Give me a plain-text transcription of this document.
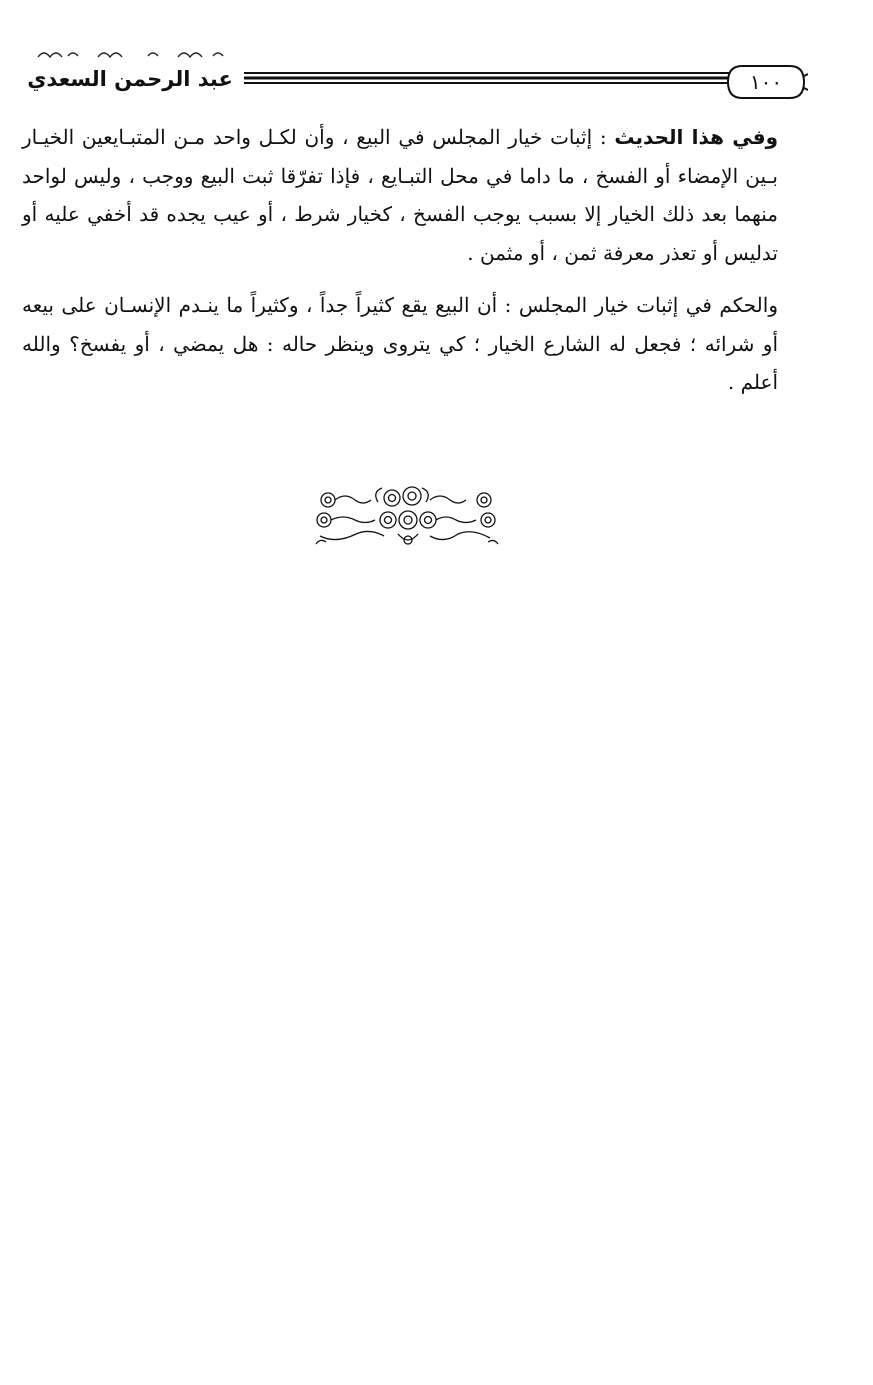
عبد الرحمن السعدي	١٠٠

وفي هذا الحديث : إثبات خيار المجلس في البيع ، وأن لكـل واحد مـن المتبـايعين الخيـار بـين الإمضاء أو الفسخ ، ما داما في محل التبـايع ، فإذا تفرّقا ثبت البيع ووجب ، وليس لواحد منهما بعد ذلك الخيار إلا بسبب يوجب الفسخ ، كخيار شرط ، أو عيب يجده قد أخفي عليه أو تدليس أو تعذر معرفة ثمن ، أو مثمن .

والحكم في إثبات خيار المجلس : أن البيع يقع كثيراً جداً ، وكثيراً ما ينـدم الإنسـان على بيعه أو شرائه ؛ فجعل له الشارع الخيار ؛ كي يتروى وينظر حاله : هل يمضي ، أو يفسخ؟ والله أعلم .
